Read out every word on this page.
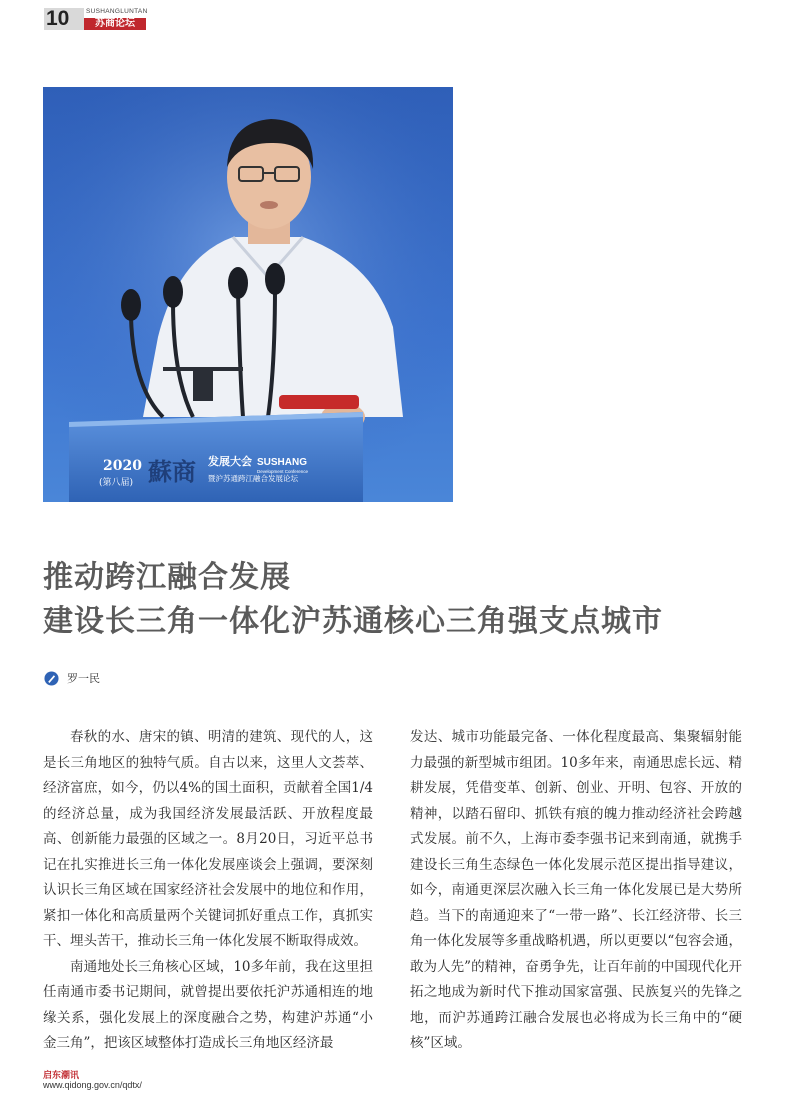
10	SUSHANGLUNTAN
苏商论坛
2020
(第八届) 蘇商 发展大会 SUSHANG
Development Conference
暨沪苏通跨江融合发展论坛
推动跨江融合发展
建设长三角一体化沪苏通核心三角强支点城市
罗一民

春秋的水、唐宋的镇、明清的建筑、现代的人，这是长三角地区的独特气质。自古以来，这里人文荟萃、经济富庶，如今，仍以4%的国土面积，贡献着全国1/4的经济总量，成为我国经济发展最活跃、开放程度最高、创新能力最强的区域之一。8月20日，习近平总书记在扎实推进长三角一体化发展座谈会上强调，要深刻认识长三角区域在国家经济社会发展中的地位和作用，紧扣一体化和高质量两个关键词抓好重点工作，真抓实干、埋头苦干，推动长三角一体化发展不断取得成效。

南通地处长三角核心区域，10多年前，我在这里担任南通市委书记期间，就曾提出要依托沪苏通相连的地缘关系，强化发展上的深度融合之势，构建沪苏通“小金三角”，把该区域整体打造成长三角地区经济最

发达、城市功能最完备、一体化程度最高、集聚辐射能力最强的新型城市组团。10多年来，南通思虑长远、精耕发展，凭借变革、创新、创业、开明、包容、开放的精神，以踏石留印、抓铁有痕的魄力推动经济社会跨越式发展。前不久，上海市委李强书记来到南通，就携手建设长三角生态绿色一体化发展示范区提出指导建议，如今，南通更深层次融入长三角一体化发展已是大势所趋。当下的南通迎来了“一带一路”、长江经济带、长三角一体化发展等多重战略机遇，所以更要以“包容会通，敢为人先”的精神，奋勇争先，让百年前的中国现代化开拓之地成为新时代下推动国家富强、民族复兴的先锋之地，而沪苏通跨江融合发展也必将成为长三角中的“硬核”区域。

启东潮讯
www.qidong.gov.cn/qdtx/
